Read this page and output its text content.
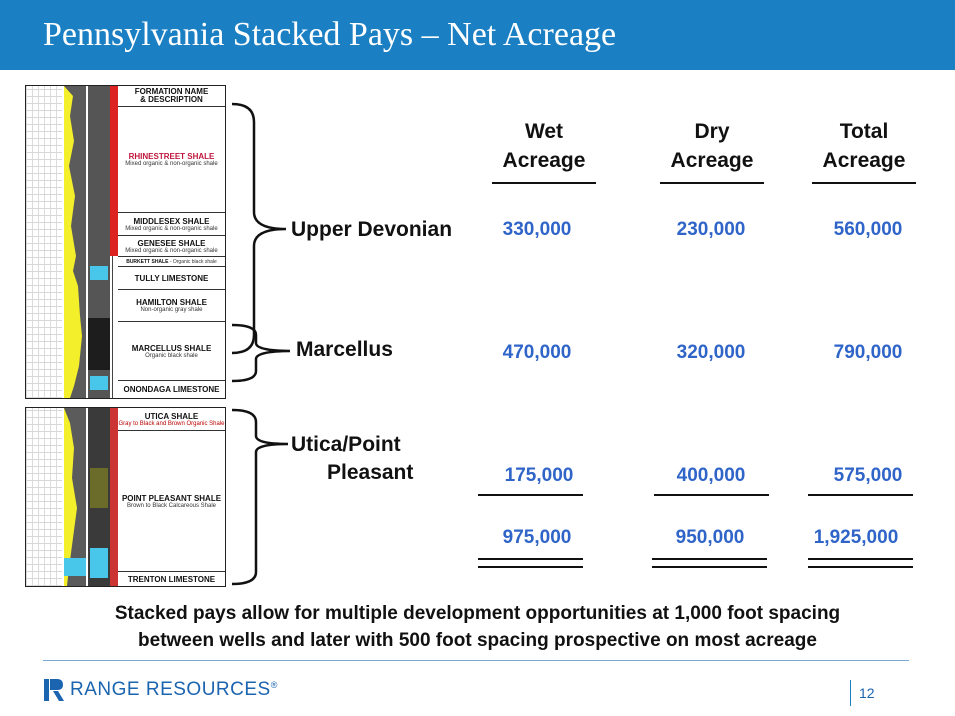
Pennsylvania Stacked Pays – Net Acreage
FORMATION NAME
& DESCRIPTION
RHINESTREET SHALE
Mixed organic & non-organic shale
MIDDLESEX SHALE
Mixed organic & non-organic shale
GENESEE SHALE
Mixed organic & non-organic shale
BURKETT SHALE
- Organic black shale
TULLY LIMESTONE
HAMILTON SHALE
Non-organic gray shale
MARCELLUS SHALE
Organic black shale
ONONDAGA LIMESTONE
UTICA SHALE
Gray to Black and Brown Organic Shale
POINT PLEASANT SHALE
Brown to Black Calcareous Shale
TRENTON LIMESTONE
Upper Devonian
Marcellus
Utica/Point
Pleasant
Wet
Acreage
Dry
Acreage
Total
Acreage
330,000	230,000	560,000
470,000	320,000	790,000
175,000	400,000	575,000
975,000	950,000	1,925,000
Stacked pays allow for multiple development opportunities at 1,000 foot spacing
between wells and later with 500 foot spacing prospective on most acreage
RANGE RESOURCES ®	12
